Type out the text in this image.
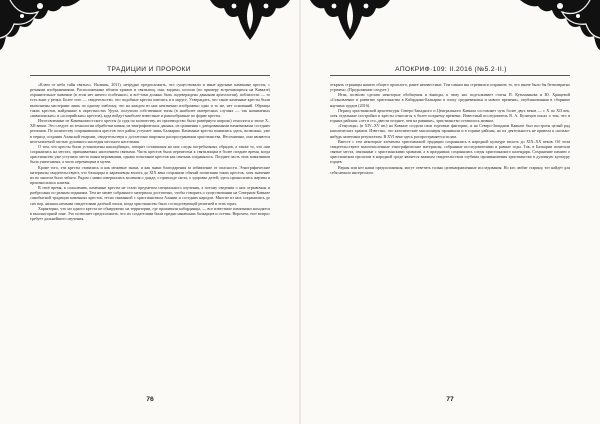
ТРАДИЦИИ И ПРОРОКИ

«Ключ от неба тайн святых». Нальчик, 2011), нетрудно предположить, что существовали и иные крупные каменные кресты, с резными изображениями. Расположенные вблизи храмов и святилищ, они, видимо, носили (по примеру встречающихся на Кавказе) охранительное значение (в этом нет ничего особенного, и всё-таки должно быть подтверждено данными археологии), поблизости — то есть вниз у речки. Более того — свидетельство, что подобные кресты имелись и в округе. Утверждать, что такие каменные кресты были выполнены мастерами лишь по одному шаблону, что на каждом из них неизменно изображено одно и то же, нет оснований. Образцы таких крестов, найденные в окрестностях Уруха, получили собственные типы (в наиболее интересных случаях — так называемых «вавилонских» и «ассирийских» крестов), куда войдут наиболее известные и разнообразные по форме кресты.

Изготовленные из Каменномостского кресты (а судя по количеству, их производство было развёрнуто широко) относятся к эпохе Х–ХII веков. Это следует из технологии обработки камня, из эпиграфических данных, из сравнения с датированными памятниками соседних регионов. По количеству сохранившихся крестов этот район уступает лишь Балкарии. Каменные кресты появились здесь, возможно, уже в период создания Аланской епархии, свидетельствуя о достаточно широком распространении христианства. Несомненно, они являются неотъемлемой частью духовного наследия местного населения.

О том, что кресты были установлены накладбищах, говорит оставшаяся на них следы погребальных обрядов, а также то, что они сохранились на местах, признаваемых населением святыми. Часть крестов была перенесена к святилищам в более позднее время, когда христианство уже уступило место иным верованиям, однако почитание крестов как святынь сохранялось. Позднее часть этих памятников была уничтожена, а часть перемещена в музеи.

Кроме того, эти кресты ставились и как межевые знаки, и как знаки благодарения за избавление от опасности. Этнографические материалы свидетельствуют, что балкарцы и карачаевцы вплоть до XIX века сохраняли обычай почитания таких крестов, хотя значение их во многом было забыто. Рядом с ними совершались моления о дожде, о приплоде скота, о здоровье детей; здесь приносились жертвы и произносились клятвы.

В своё время, к сожалению, каменные кресты не стали предметом специального изучения, а потому сведения о них отрывочны и разбросаны по разным изданиям. Тем не менее собранного материала достаточно, чтобы говорить о существовании на Северном Кавказе самобытной традиции каменных крестов, тесно связанной с христианством Алании и соседних народов. Многие из них сохранились до сих пор, являясь немыми свидетелями далёкой эпохи, когда христианство было господствующей религией в этих горах.

Характерно, что ни одного креста не обнаружено на территории, где проживали кабардинцы, — все известные памятники находятся в высокогорной зоне. Это позволяет предположить, что их создателями были предки нынешних балкарцев и осетин. Впрочем, этот вопрос требует дальнейшего изучения.

76
АПОКРИФ·109: II.2016 (№5.2·II.)

открыть страницы нашего общего прошлого, ранее неизвестные. Тем самым мы стремимся сохранить то, что иначе было бы безвозвратно утрачено. (Продолжение следует.)

Итак, позволю сделать некоторые обобщения и выводы, к чему нас подталкивает статья П. Кузьминкова и Ю. Хрящевой «Становление и развитие христианства в Кабардино-Балкарии в эпоху средневековья и нового времени», опубликованная в сборнике научных трудов (2016).

Период христианской архитектуры Северо-Западного и Центрального Кавказа составляет чуть более двух веков — с X по XII век, хотя отдельные постройки и кресты относятся к более позднему времени. Известный исследователь В. А. Кузнецов писал о том, что в горных районах «лет в сто–двести позднее, чем на равнине», христианство оставалось живым.

«Генуэзцы» (в XIV–XV вв.) на Кавказе создали свои торговые фактории, и на Северо-Западном Кавказе был построен целый ряд католических храмов. Известно, что католические миссионеры проникали и в горные районы, но их деятельность не привела к сколько-нибудь заметным результатам. В XVI веке здесь распространяется ислам.

Вместе с тем некоторые элементы христианской традиции сохранялись в народной культуре вплоть до XIX–XX веков. Об этом свидетельствуют многочисленные этнографические материалы, собранные исследователями в разные годы. Так, в Балкарии почитали святые места, связанные с христианскими храмами, а в праздниках сохранялись следы христианского календаря. Сохранение памяти о христианском прошлом в народной среде является важным свидетельством глубины проникновения христианства в духовную культуру горцев.

Верны или нет наши предположения, могут ответить только целенаправленные исследования. Но кто любит старину, тот найдёт для себя немало интересного.

77
